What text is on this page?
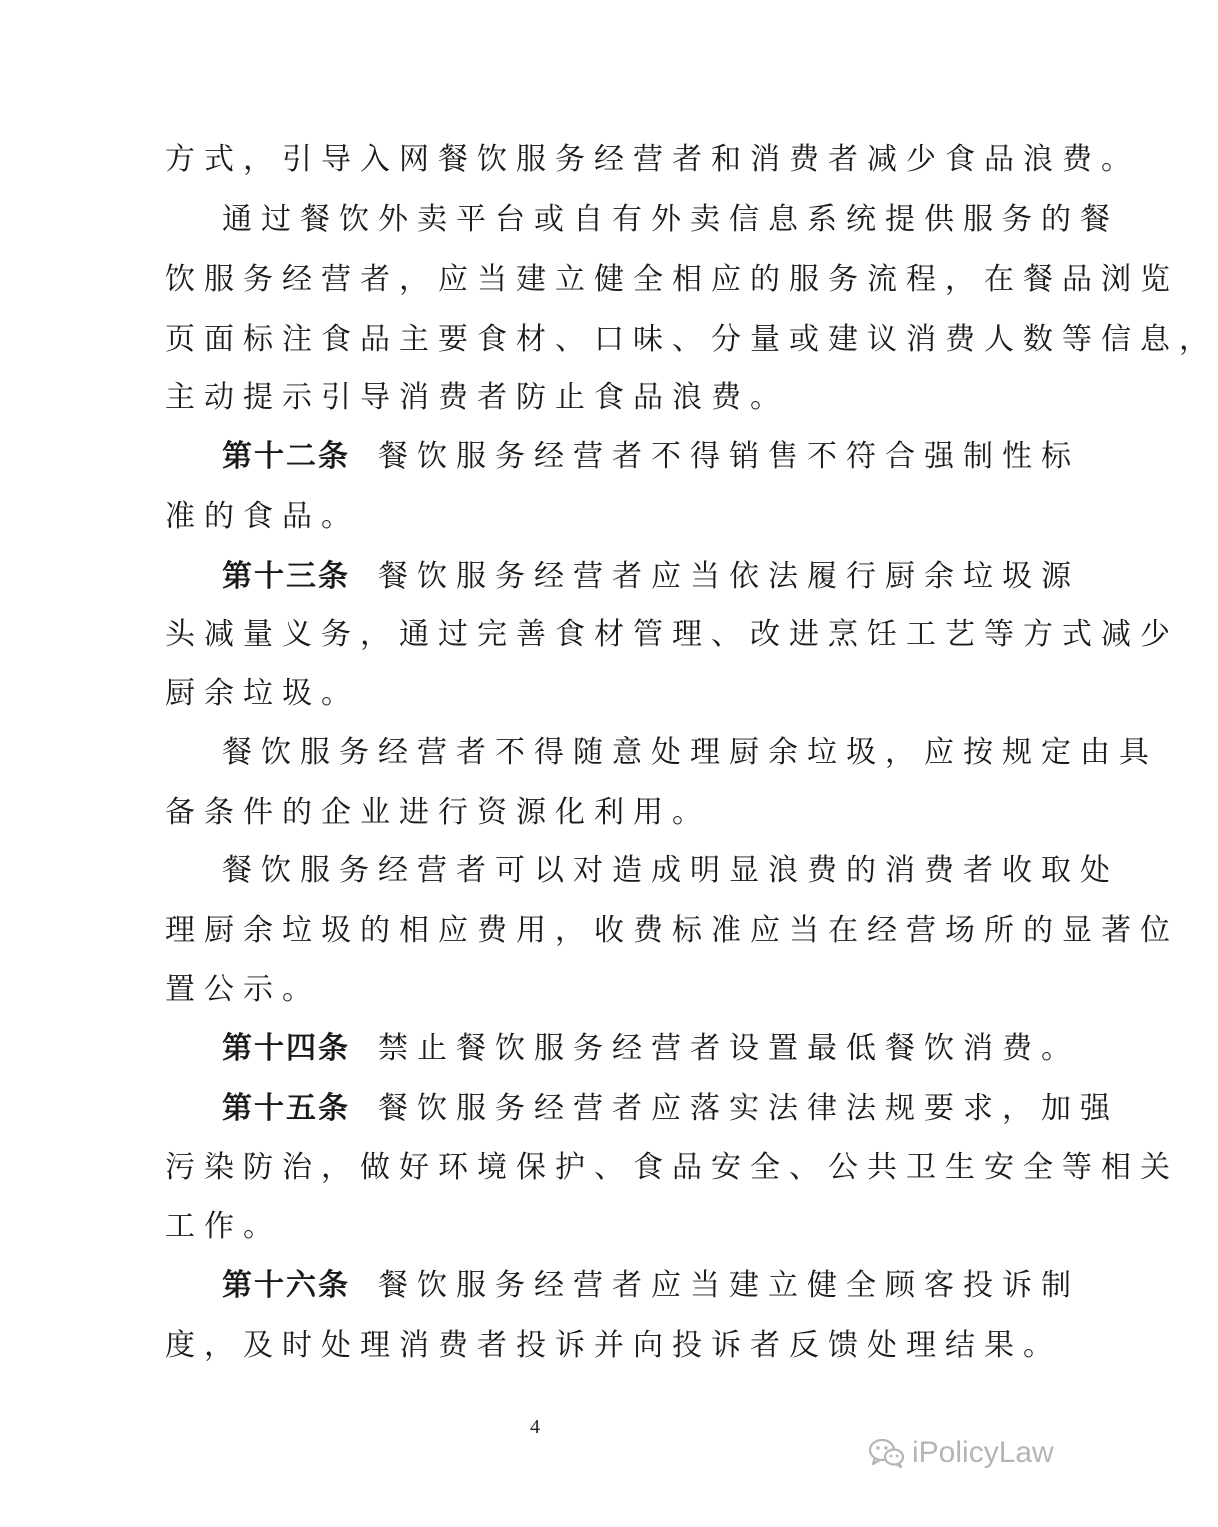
方式，引导入网餐饮服务经营者和消费者减少食品浪费。
通过餐饮外卖平台或自有外卖信息系统提供服务的餐
饮服务经营者，应当建立健全相应的服务流程，在餐品浏览
页面标注食品主要食材、口味、分量或建议消费人数等信息，
主动提示引导消费者防止食品浪费。
第十二条 餐饮服务经营者不得销售不符合强制性标
准的食品。
第十三条 餐饮服务经营者应当依法履行厨余垃圾源
头减量义务，通过完善食材管理、改进烹饪工艺等方式减少
厨余垃圾。
餐饮服务经营者不得随意处理厨余垃圾，应按规定由具
备条件的企业进行资源化利用。
餐饮服务经营者可以对造成明显浪费的消费者收取处
理厨余垃圾的相应费用，收费标准应当在经营场所的显著位
置公示。
第十四条 禁止餐饮服务经营者设置最低餐饮消费。
第十五条 餐饮服务经营者应落实法律法规要求，加强
污染防治，做好环境保护、食品安全、公共卫生安全等相关
工作。
第十六条 餐饮服务经营者应当建立健全顾客投诉制
度，及时处理消费者投诉并向投诉者反馈处理结果。
4
iPolicyLaw
